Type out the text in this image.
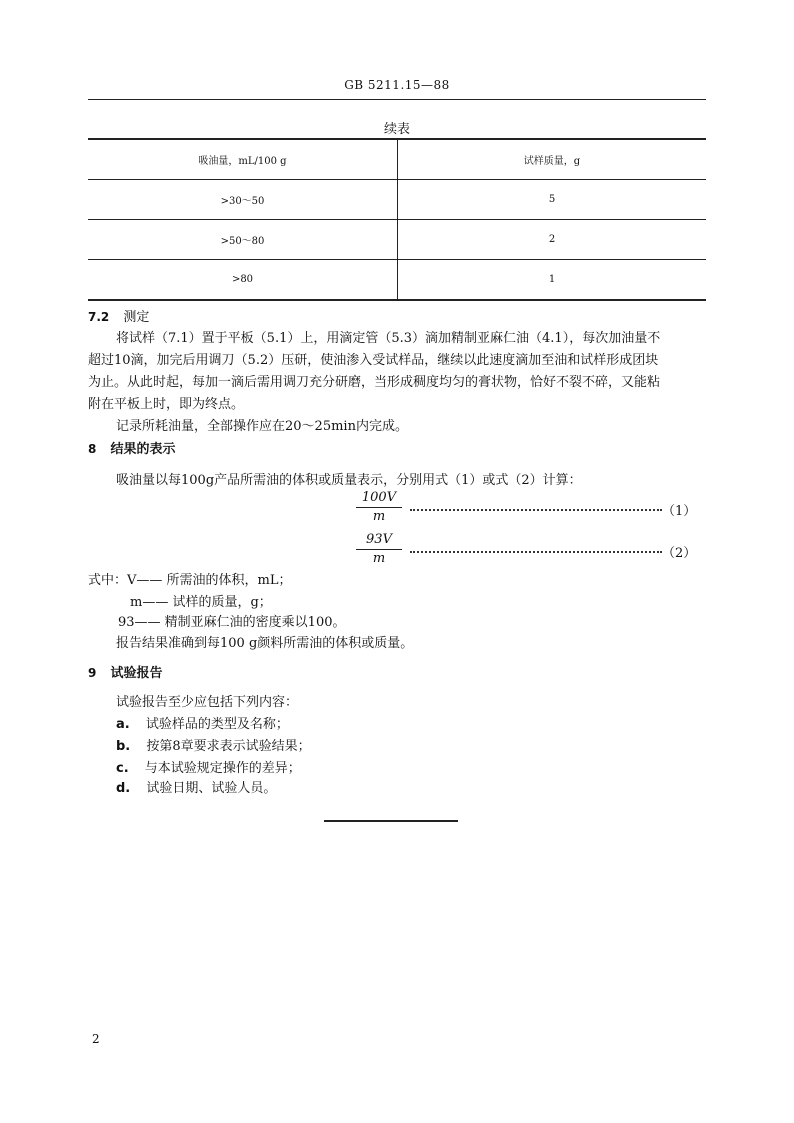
GB 5211.15—88
续表
吸油量，mL/100 g	试样质量，g
>30～50	5
>50～80	2
>80	1
7.2 测定
将试样（7.1）置于平板（5.1）上，用滴定管（5.3）滴加精制亚麻仁油（4.1），每次加油量不
超过10滴，加完后用调刀（5.2）压研，使油渗入受试样品，继续以此速度滴加至油和试样形成团块
为止。从此时起，每加一滴后需用调刀充分研磨，当形成稠度均匀的膏状物，恰好不裂不碎，又能粘
附在平板上时，即为终点。
记录所耗油量，全部操作应在20～25min内完成。
8 结果的表示
吸油量以每100g产品所需油的体积或质量表示，分别用式（1）或式（2）计算：
$\frac{100V}{m}$	（1）
$\frac{93V}{m}$	（2）
式中：V—— 所需油的体积，mL；
m—— 试样的质量，g；
93—— 精制亚麻仁油的密度乘以100。
报告结果准确到每100 g颜料所需油的体积或质量。
9 试验报告
试验报告至少应包括下列内容：
a. 试验样品的类型及名称；
b. 按第8章要求表示试验结果；
c. 与本试验规定操作的差异；
d. 试验日期、试验人员。
2
